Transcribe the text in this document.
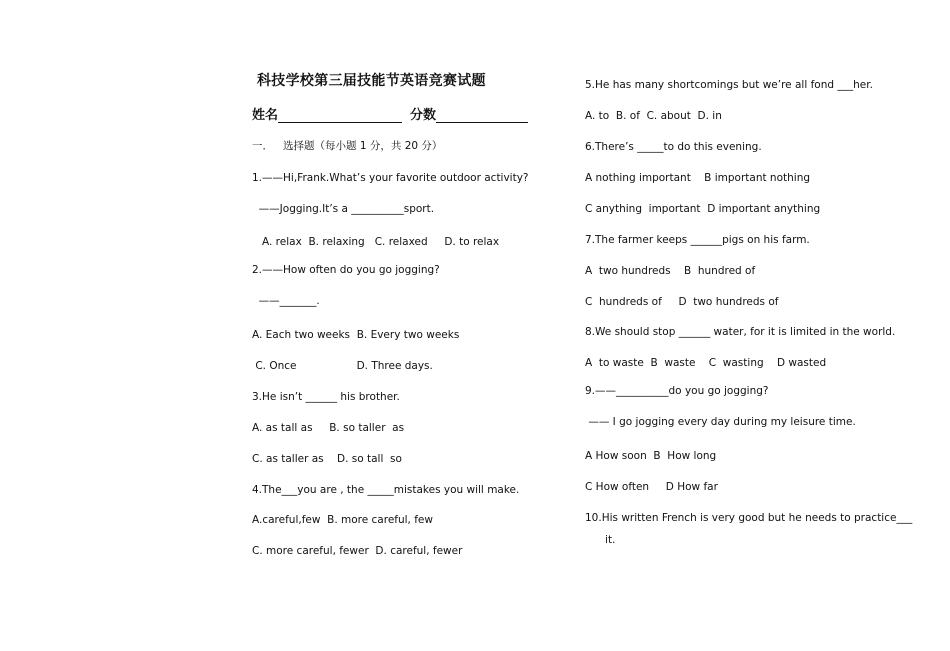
科技学校第三届技能节英语竞赛试题
姓名	分数
一．   选择题（每小题 1 分，共 20 分）
1.——Hi,Frank.What’s your favorite outdoor activity?
——Jogging.It’s a __________sport.
A. relax  B. relaxing   C. relaxed     D. to relax
2.——How often do you go jogging?
——_______.
A. Each two weeks  B. Every two weeks
C. Once                  D. Three days.
3.He isn’t ______ his brother.
A. as tall as     B. so taller  as
C. as taller as    D. so tall  so
4.The___you are , the _____mistakes you will make.
A.careful,few  B. more careful, few
C. more careful, fewer  D. careful, fewer
5.He has many shortcomings but we’re all fond ___her.
A. to  B. of  C. about  D. in
6.There’s _____to do this evening.
A nothing important    B important nothing
C anything  important  D important anything
7.The farmer keeps ______pigs on his farm.
A  two hundreds    B  hundred of
C  hundreds of     D  two hundreds of
8.We should stop ______ water, for it is limited in the world.
A  to waste  B  waste    C  wasting    D wasted
9.——__________do you go jogging?
—— I go jogging every day during my leisure time.
A How soon  B  How long
C How often     D How far
10.His written French is very good but he needs to practice___
it.
